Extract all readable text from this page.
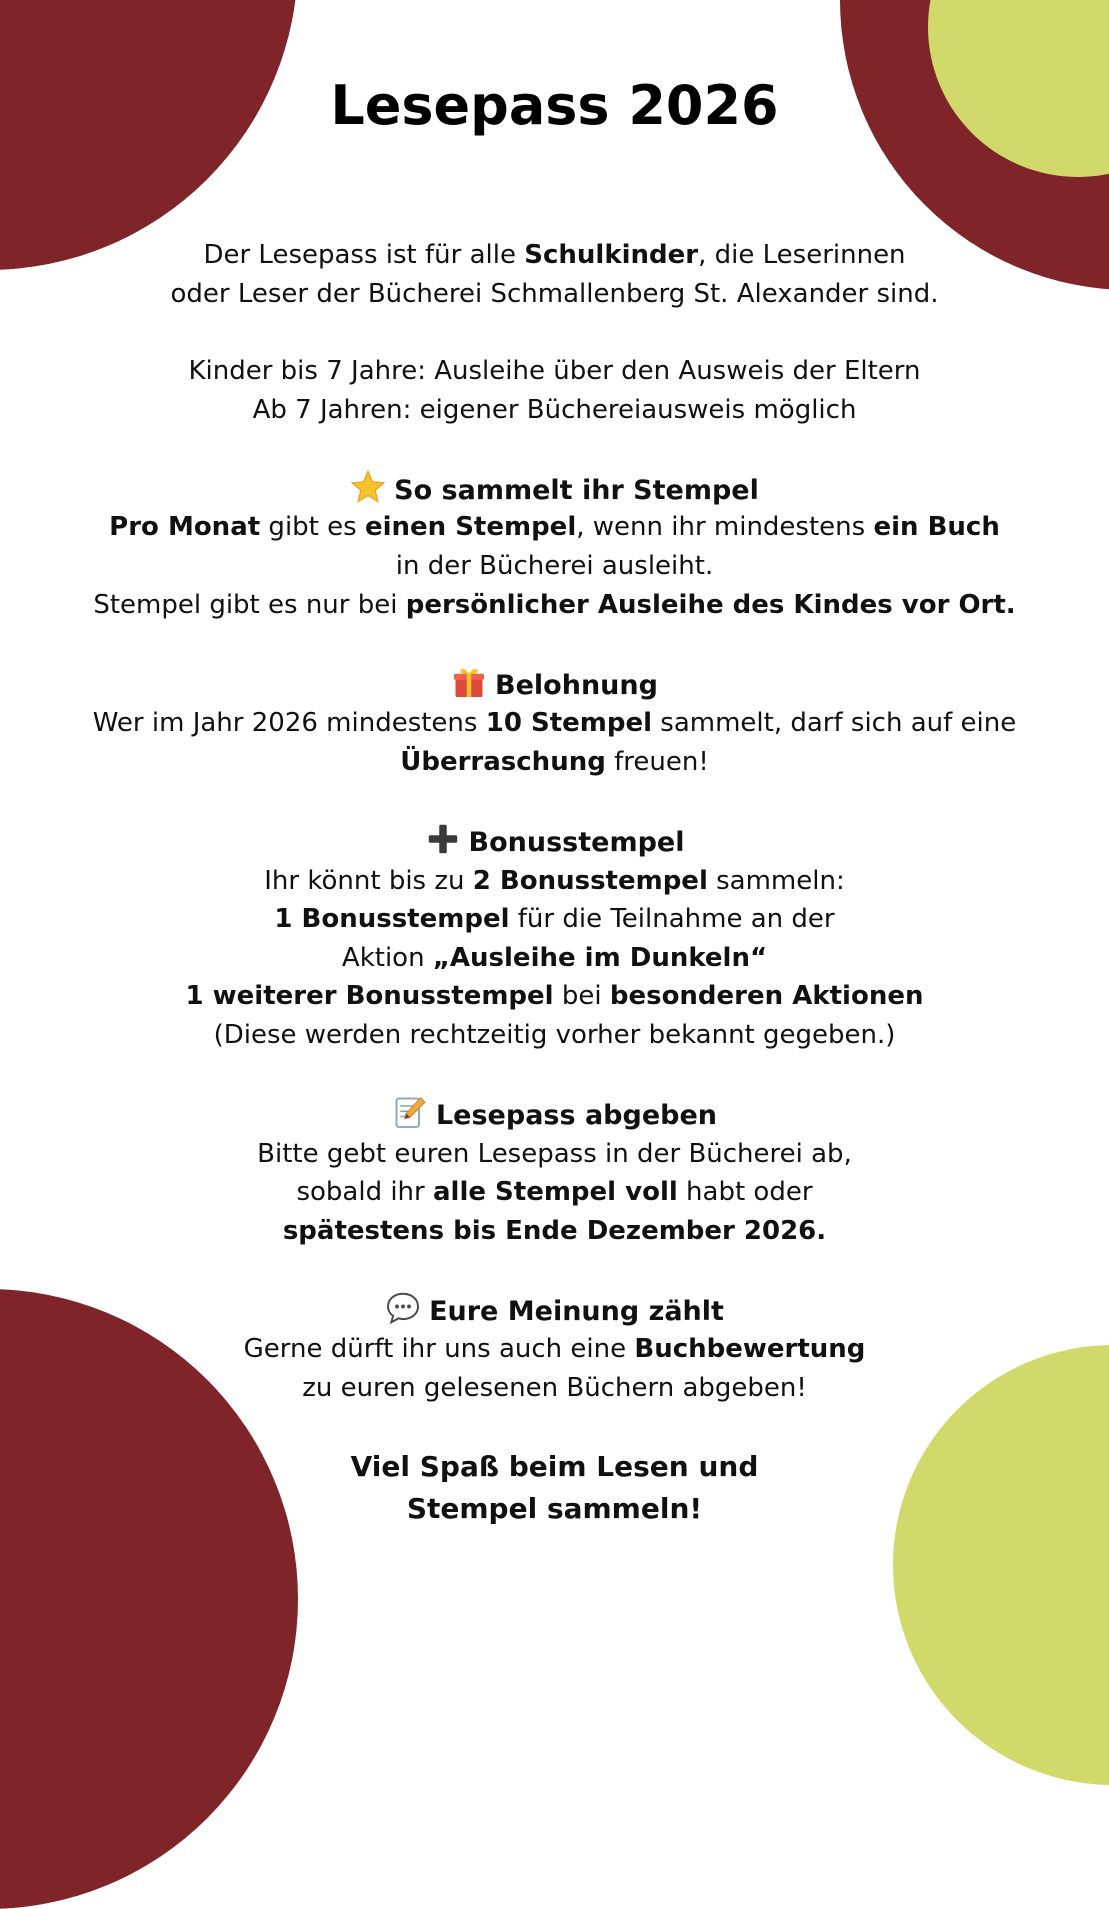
Lesepass 2026
Der Lesepass ist für alle Schulkinder, die Leserinnen
oder Leser der Bücherei Schmallenberg St. Alexander sind.
Kinder bis 7 Jahre: Ausleihe über den Ausweis der Eltern
Ab 7 Jahren: eigener Büchereiausweis möglich
So sammelt ihr Stempel
Pro Monat gibt es einen Stempel, wenn ihr mindestens ein Buch
in der Bücherei ausleiht.
Stempel gibt es nur bei persönlicher Ausleihe des Kindes vor Ort.
Belohnung
Wer im Jahr 2026 mindestens 10 Stempel sammelt, darf sich auf eine
Überraschung freuen!
Bonusstempel
Ihr könnt bis zu 2 Bonusstempel sammeln:
1 Bonusstempel für die Teilnahme an der
Aktion „Ausleihe im Dunkeln“
1 weiterer Bonusstempel bei besonderen Aktionen
(Diese werden rechtzeitig vorher bekannt gegeben.)
Lesepass abgeben
Bitte gebt euren Lesepass in der Bücherei ab,
sobald ihr alle Stempel voll habt oder
spätestens bis Ende Dezember 2026.
Eure Meinung zählt
Gerne dürft ihr uns auch eine Buchbewertung
zu euren gelesenen Büchern abgeben!
Viel Spaß beim Lesen und
Stempel sammeln!
